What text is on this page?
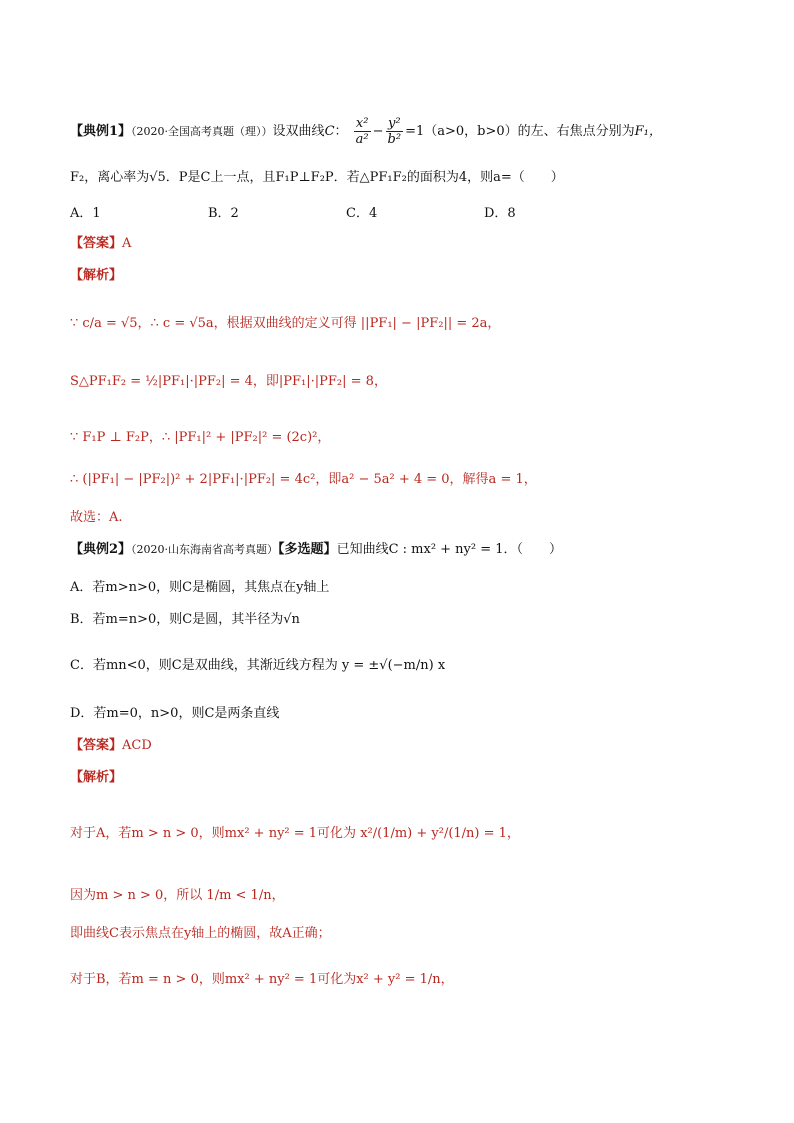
【典例1】（2020·全国高考真题（理））设双曲线C： $\frac{\text{x²}}{\text{a²}} - \frac{\text{y²}}{\text{b²}} =1(a>0$，b>0）的左、右焦点分别为F₁，
F₂，离心率为√5．P是C上一点，且F₁P⊥F₂P．若△PF₁F₂的面积为4，则a=（　　）
A．1	B．2	C．4	D．8
【答案】A
【解析】
∵ c/a = √5，∴ c = √5a，根据双曲线的定义可得 ||PF₁| − |PF₂|| = 2a，
S△PF₁F₂ = ½|PF₁|·|PF₂| = 4，即|PF₁|·|PF₂| = 8，
∵ F₁P ⊥ F₂P，∴ |PF₁|² + |PF₂|² = (2c)²，
∴ (|PF₁| − |PF₂|)² + 2|PF₁|·|PF₂| = 4c²，即a² − 5a² + 4 = 0，解得a = 1，
故选：A.
【典例2】（2020·山东海南省高考真题）【多选题】已知曲线C : mx² + ny² = 1．（　　）
A．若m>n>0，则C是椭圆，其焦点在y轴上
B．若m=n>0，则C是圆，其半径为√n
C．若mn<0，则C是双曲线，其渐近线方程为 y = ±√(−m/n) x
D．若m=0，n>0，则C是两条直线
【答案】ACD
【解析】
对于A，若m > n > 0，则mx² + ny² = 1可化为 x²/(1/m) + y²/(1/n) = 1，
因为m > n > 0，所以 1/m < 1/n，
即曲线C表示焦点在y轴上的椭圆，故A正确；
对于B，若m = n > 0，则mx² + ny² = 1可化为x² + y² = 1/n，
